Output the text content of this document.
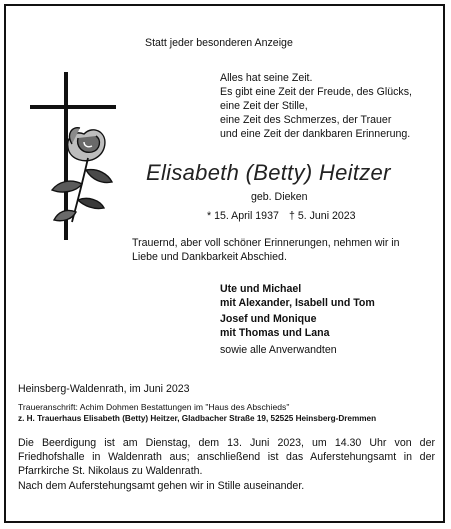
Statt jeder besonderen Anzeige
Alles hat seine Zeit.
Es gibt eine Zeit der Freude, des Glücks,
eine Zeit der Stille,
eine Zeit des Schmerzes, der Trauer
und eine Zeit der dankbaren Erinnerung.
Elisabeth (Betty) Heitzer
geb. Dieken
* 15. April 1937 † 5. Juni 2023
Trauernd, aber voll schöner Erinnerungen, nehmen wir in
Liebe und Dankbarkeit Abschied.
Ute und Michael
mit Alexander, Isabell und Tom
Josef und Monique
mit Thomas und Lana
sowie alle Anverwandten
Heinsberg-Waldenrath, im Juni 2023
Traueranschrift: Achim Dohmen Bestattungen im "Haus des Abschieds"
z. H. Trauerhaus Elisabeth (Betty) Heitzer, Gladbacher Straße 19, 52525 Heinsberg-Dremmen
Die Beerdigung ist am Dienstag, dem 13. Juni 2023, um 14.30 Uhr von der
Friedhofshalle in Waldenrath aus; anschließend ist das Auferstehungsamt in der
Pfarrkirche St. Nikolaus zu Waldenrath.
Nach dem Auferstehungsamt gehen wir in Stille auseinander.
